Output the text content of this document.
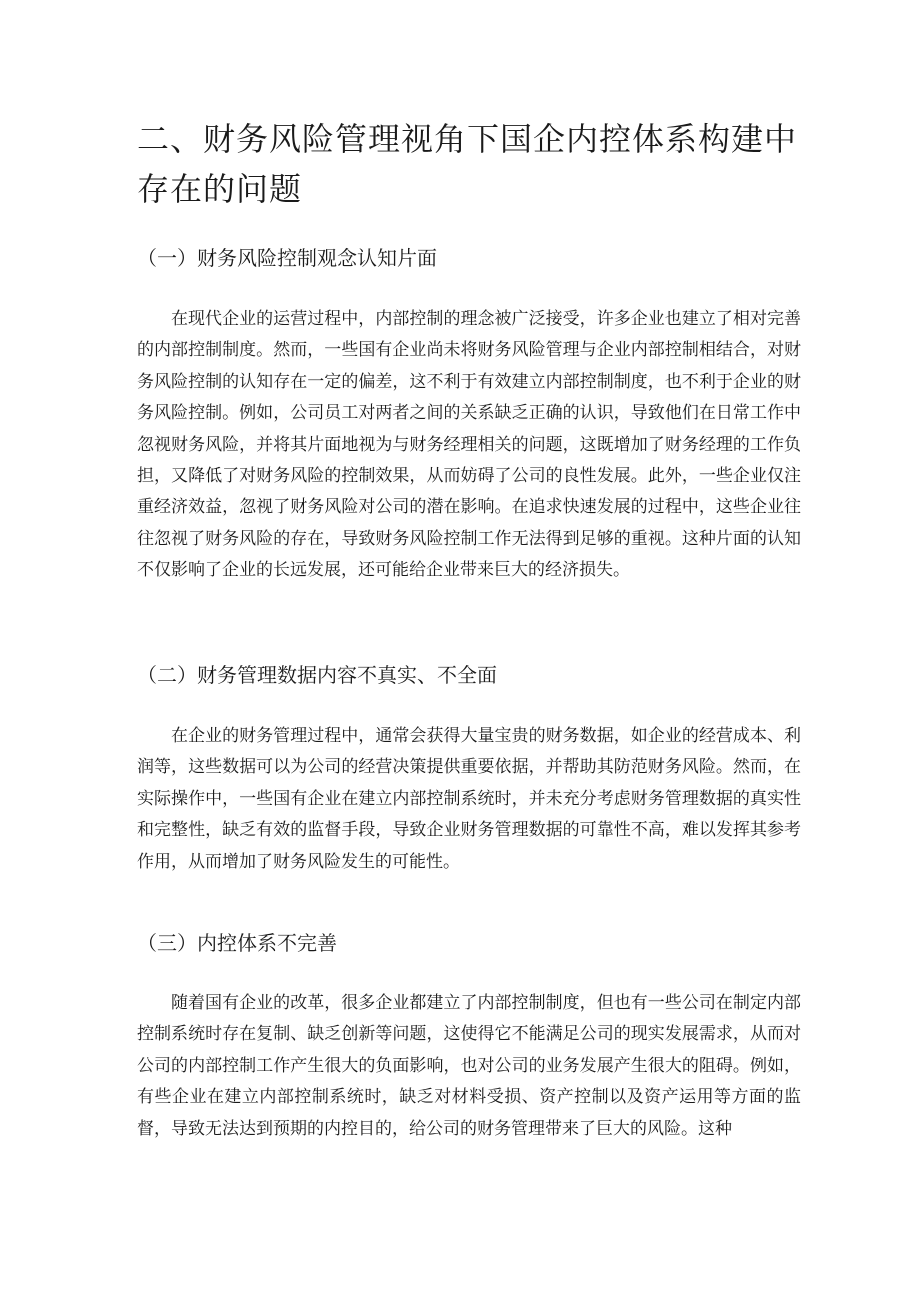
二、财务风险管理视角下国企内控体系构建中存在的问题
（一）财务风险控制观念认知片面

在现代企业的运营过程中，内部控制的理念被广泛接受，许多企业也建立了相对完善的内部控制制度。然而，一些国有企业尚未将财务风险管理与企业内部控制相结合，对财务风险控制的认知存在一定的偏差，这不利于有效建立内部控制制度，也不利于企业的财务风险控制。例如，公司员工对两者之间的关系缺乏正确的认识，导致他们在日常工作中忽视财务风险，并将其片面地视为与财务经理相关的问题，这既增加了财务经理的工作负担，又降低了对财务风险的控制效果，从而妨碍了公司的良性发展。此外，一些企业仅注重经济效益，忽视了财务风险对公司的潜在影响。在追求快速发展的过程中，这些企业往往忽视了财务风险的存在，导致财务风险控制工作无法得到足够的重视。这种片面的认知不仅影响了企业的长远发展，还可能给企业带来巨大的经济损失。

（二）财务管理数据内容不真实、不全面

在企业的财务管理过程中，通常会获得大量宝贵的财务数据，如企业的经营成本、利润等，这些数据可以为公司的经营决策提供重要依据，并帮助其防范财务风险。然而，在实际操作中，一些国有企业在建立内部控制系统时，并未充分考虑财务管理数据的真实性和完整性，缺乏有效的监督手段，导致企业财务管理数据的可靠性不高，难以发挥其参考作用，从而增加了财务风险发生的可能性。

（三）内控体系不完善

随着国有企业的改革，很多企业都建立了内部控制制度，但也有一些公司在制定内部控制系统时存在复制、缺乏创新等问题，这使得它不能满足公司的现实发展需求，从而对公司的内部控制工作产生很大的负面影响，也对公司的业务发展产生很大的阻碍。例如，有些企业在建立内部控制系统时，缺乏对材料受损、资产控制以及资产运用等方面的监督，导致无法达到预期的内控目的，给公司的财务管理带来了巨大的风险。这种
